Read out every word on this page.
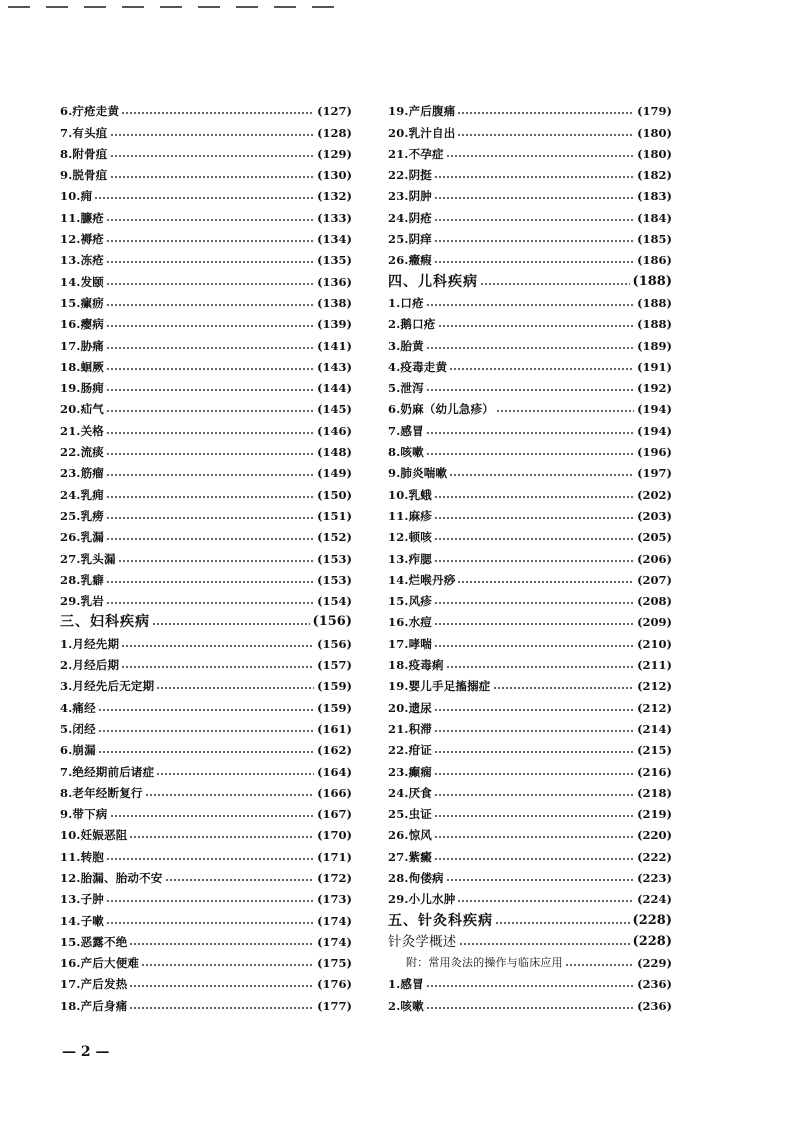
6.疔疮走黄	(127)
7.有头疽	(128)
8.附骨疽	(129)
9.脱骨疽	(130)
10.痈	(132)
11.臁疮	(133)
12.褥疮	(134)
13.冻疮	(135)
14.发颐	(136)
15.瘰疬	(138)
16.瘿病	(139)
17.胁痛	(141)
18.蛔厥	(143)
19.肠痈	(144)
20.疝气	(145)
21.关格	(146)
22.流痰	(148)
23.筋瘤	(149)
24.乳痈	(150)
25.乳痨	(151)
26.乳漏	(152)
27.乳头漏	(153)
28.乳癖	(153)
29.乳岩	(154)
三、妇科疾病	(156)
1.月经先期	(156)
2.月经后期	(157)
3.月经先后无定期	(159)
4.痛经	(159)
5.闭经	(161)
6.崩漏	(162)
7.绝经期前后诸症	(164)
8.老年经断复行	(166)
9.带下病	(167)
10.妊娠恶阻	(170)
11.转胞	(171)
12.胎漏、胎动不安	(172)
13.子肿	(173)
14.子嗽	(174)
15.恶露不绝	(174)
16.产后大便难	(175)
17.产后发热	(176)
18.产后身痛	(177)
19.产后腹痛	(179)
20.乳汁自出	(180)
21.不孕症	(180)
22.阴挺	(182)
23.阴肿	(183)
24.阴疮	(184)
25.阴痒	(185)
26.癥瘕	(186)
四、儿科疾病	(188)
1.口疮	(188)
2.鹅口疮	(188)
3.胎黄	(189)
4.疫毒走黄	(191)
5.泄泻	(192)
6.奶麻（幼儿急疹）	(194)
7.感冒	(194)
8.咳嗽	(196)
9.肺炎喘嗽	(197)
10.乳蛾	(202)
11.麻疹	(203)
12.顿咳	(205)
13.痄腮	(206)
14.烂喉丹痧	(207)
15.风疹	(208)
16.水痘	(209)
17.哮喘	(210)
18.疫毒痢	(211)
19.婴儿手足搐搦症	(212)
20.遗尿	(212)
21.积滞	(214)
22.疳证	(215)
23.癫痫	(216)
24.厌食	(218)
25.虫证	(219)
26.惊风	(220)
27.紫癜	(222)
28.佝偻病	(223)
29.小儿水肿	(224)
五、针灸科疾病	(228)
针灸学概述	(228)
附：常用灸法的操作与临床应用	(229)
1.感冒	(236)
2.咳嗽	(236)
— 2 —
